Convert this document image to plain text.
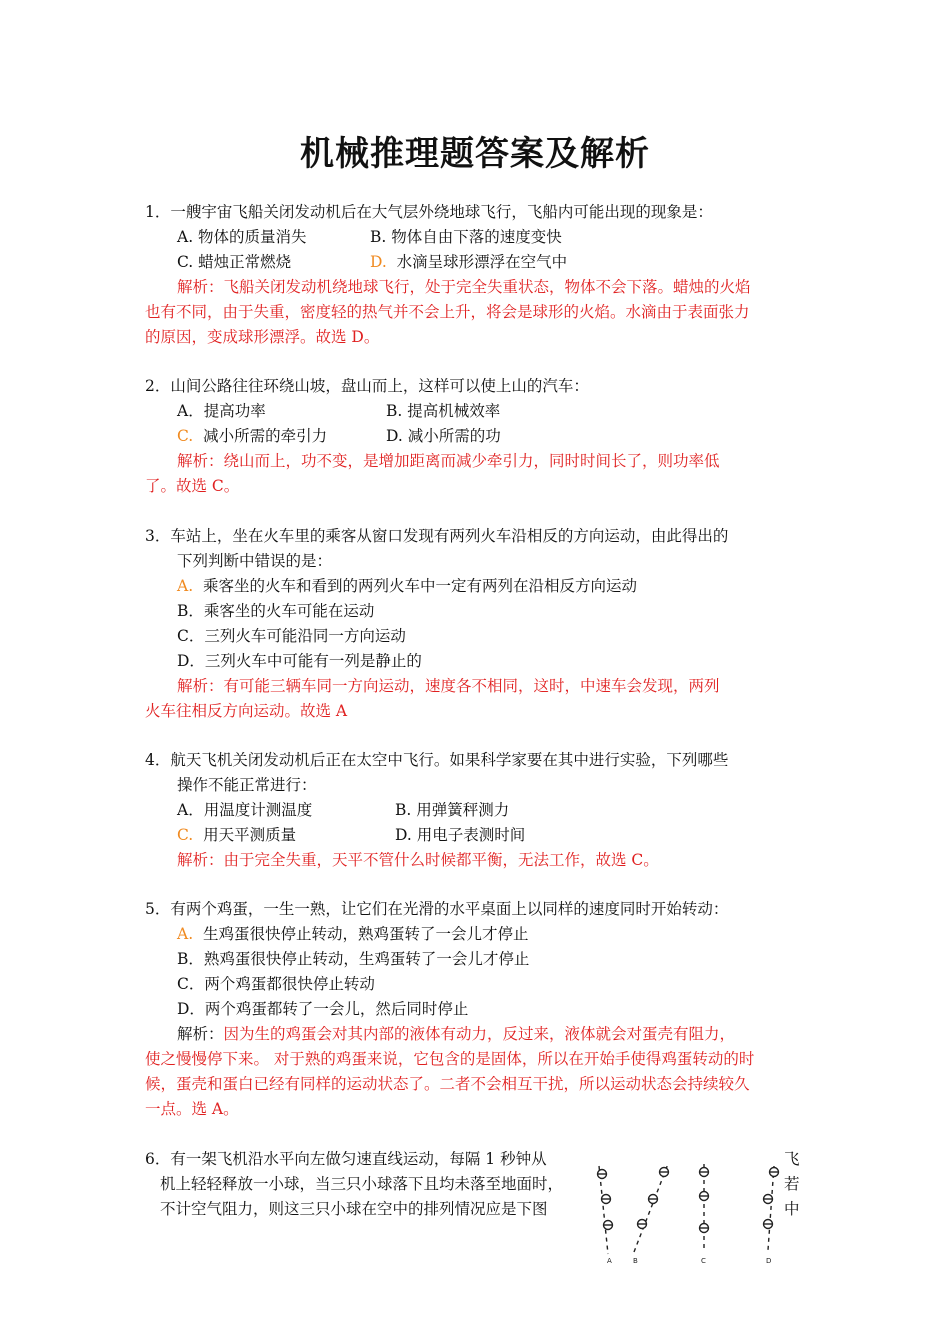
机械推理题答案及解析
1．一艘宇宙飞船关闭发动机后在大气层外绕地球飞行，飞船内可能出现的现象是：
A. 物体的质量消失	B. 物体自由下落的速度变快
C. 蜡烛正常燃烧	D. 水滴呈球形漂浮在空气中
解析：飞船关闭发动机绕地球飞行，处于完全失重状态，物体不会下落。蜡烛的火焰
也有不同，由于失重，密度轻的热气并不会上升，将会是球形的火焰。水滴由于表面张力
的原因，变成球形漂浮。故选 D。
2．山间公路往往环绕山坡，盘山而上，这样可以使上山的汽车：
A．提高功率	B. 提高机械效率
C. 减小所需的牵引力	D. 减小所需的功
解析：绕山而上，功不变，是增加距离而减少牵引力，同时时间长了，则功率低
了。故选 C。
3．车站上，坐在火车里的乘客从窗口发现有两列火车沿相反的方向运动，由此得出的
下列判断中错误的是：
A. 乘客坐的火车和看到的两列火车中一定有两列在沿相反方向运动
B．乘客坐的火车可能在运动
C．三列火车可能沿同一方向运动
D．三列火车中可能有一列是静止的
解析：有可能三辆车同一方向运动，速度各不相同，这时，中速车会发现，两列
火车往相反方向运动。故选 A
4．航天飞机关闭发动机后正在太空中飞行。如果科学家要在其中进行实验，下列哪些
操作不能正常进行：
A．用温度计测温度	B. 用弹簧秤测力
C. 用天平测质量	D. 用电子表测时间
解析：由于完全失重，天平不管什么时候都平衡，无法工作，故选 C。
5．有两个鸡蛋，一生一熟，让它们在光滑的水平桌面上以同样的速度同时开始转动：
A. 生鸡蛋很快停止转动，熟鸡蛋转了一会儿才停止
B．熟鸡蛋很快停止转动，生鸡蛋转了一会儿才停止
C．两个鸡蛋都很快停止转动
D．两个鸡蛋都转了一会儿，然后同时停止
解析：因为生的鸡蛋会对其内部的液体有动力，反过来，液体就会对蛋壳有阻力，
使之慢慢停下来。 对于熟的鸡蛋来说，它包含的是固体，所以在开始手使得鸡蛋转动的时
候，蛋壳和蛋白已经有同样的运动状态了。二者不会相互干扰，所以运动状态会持续较久
一点。选 A。
6．有一架飞机沿水平向左做匀速直线运动，每隔 1 秒钟从
机上轻轻释放一小球，当三只小球落下且均未落至地面时，
不计空气阻力，则这三只小球在空中的排列情况应是下图
飞
若
中
A	B	C	D
